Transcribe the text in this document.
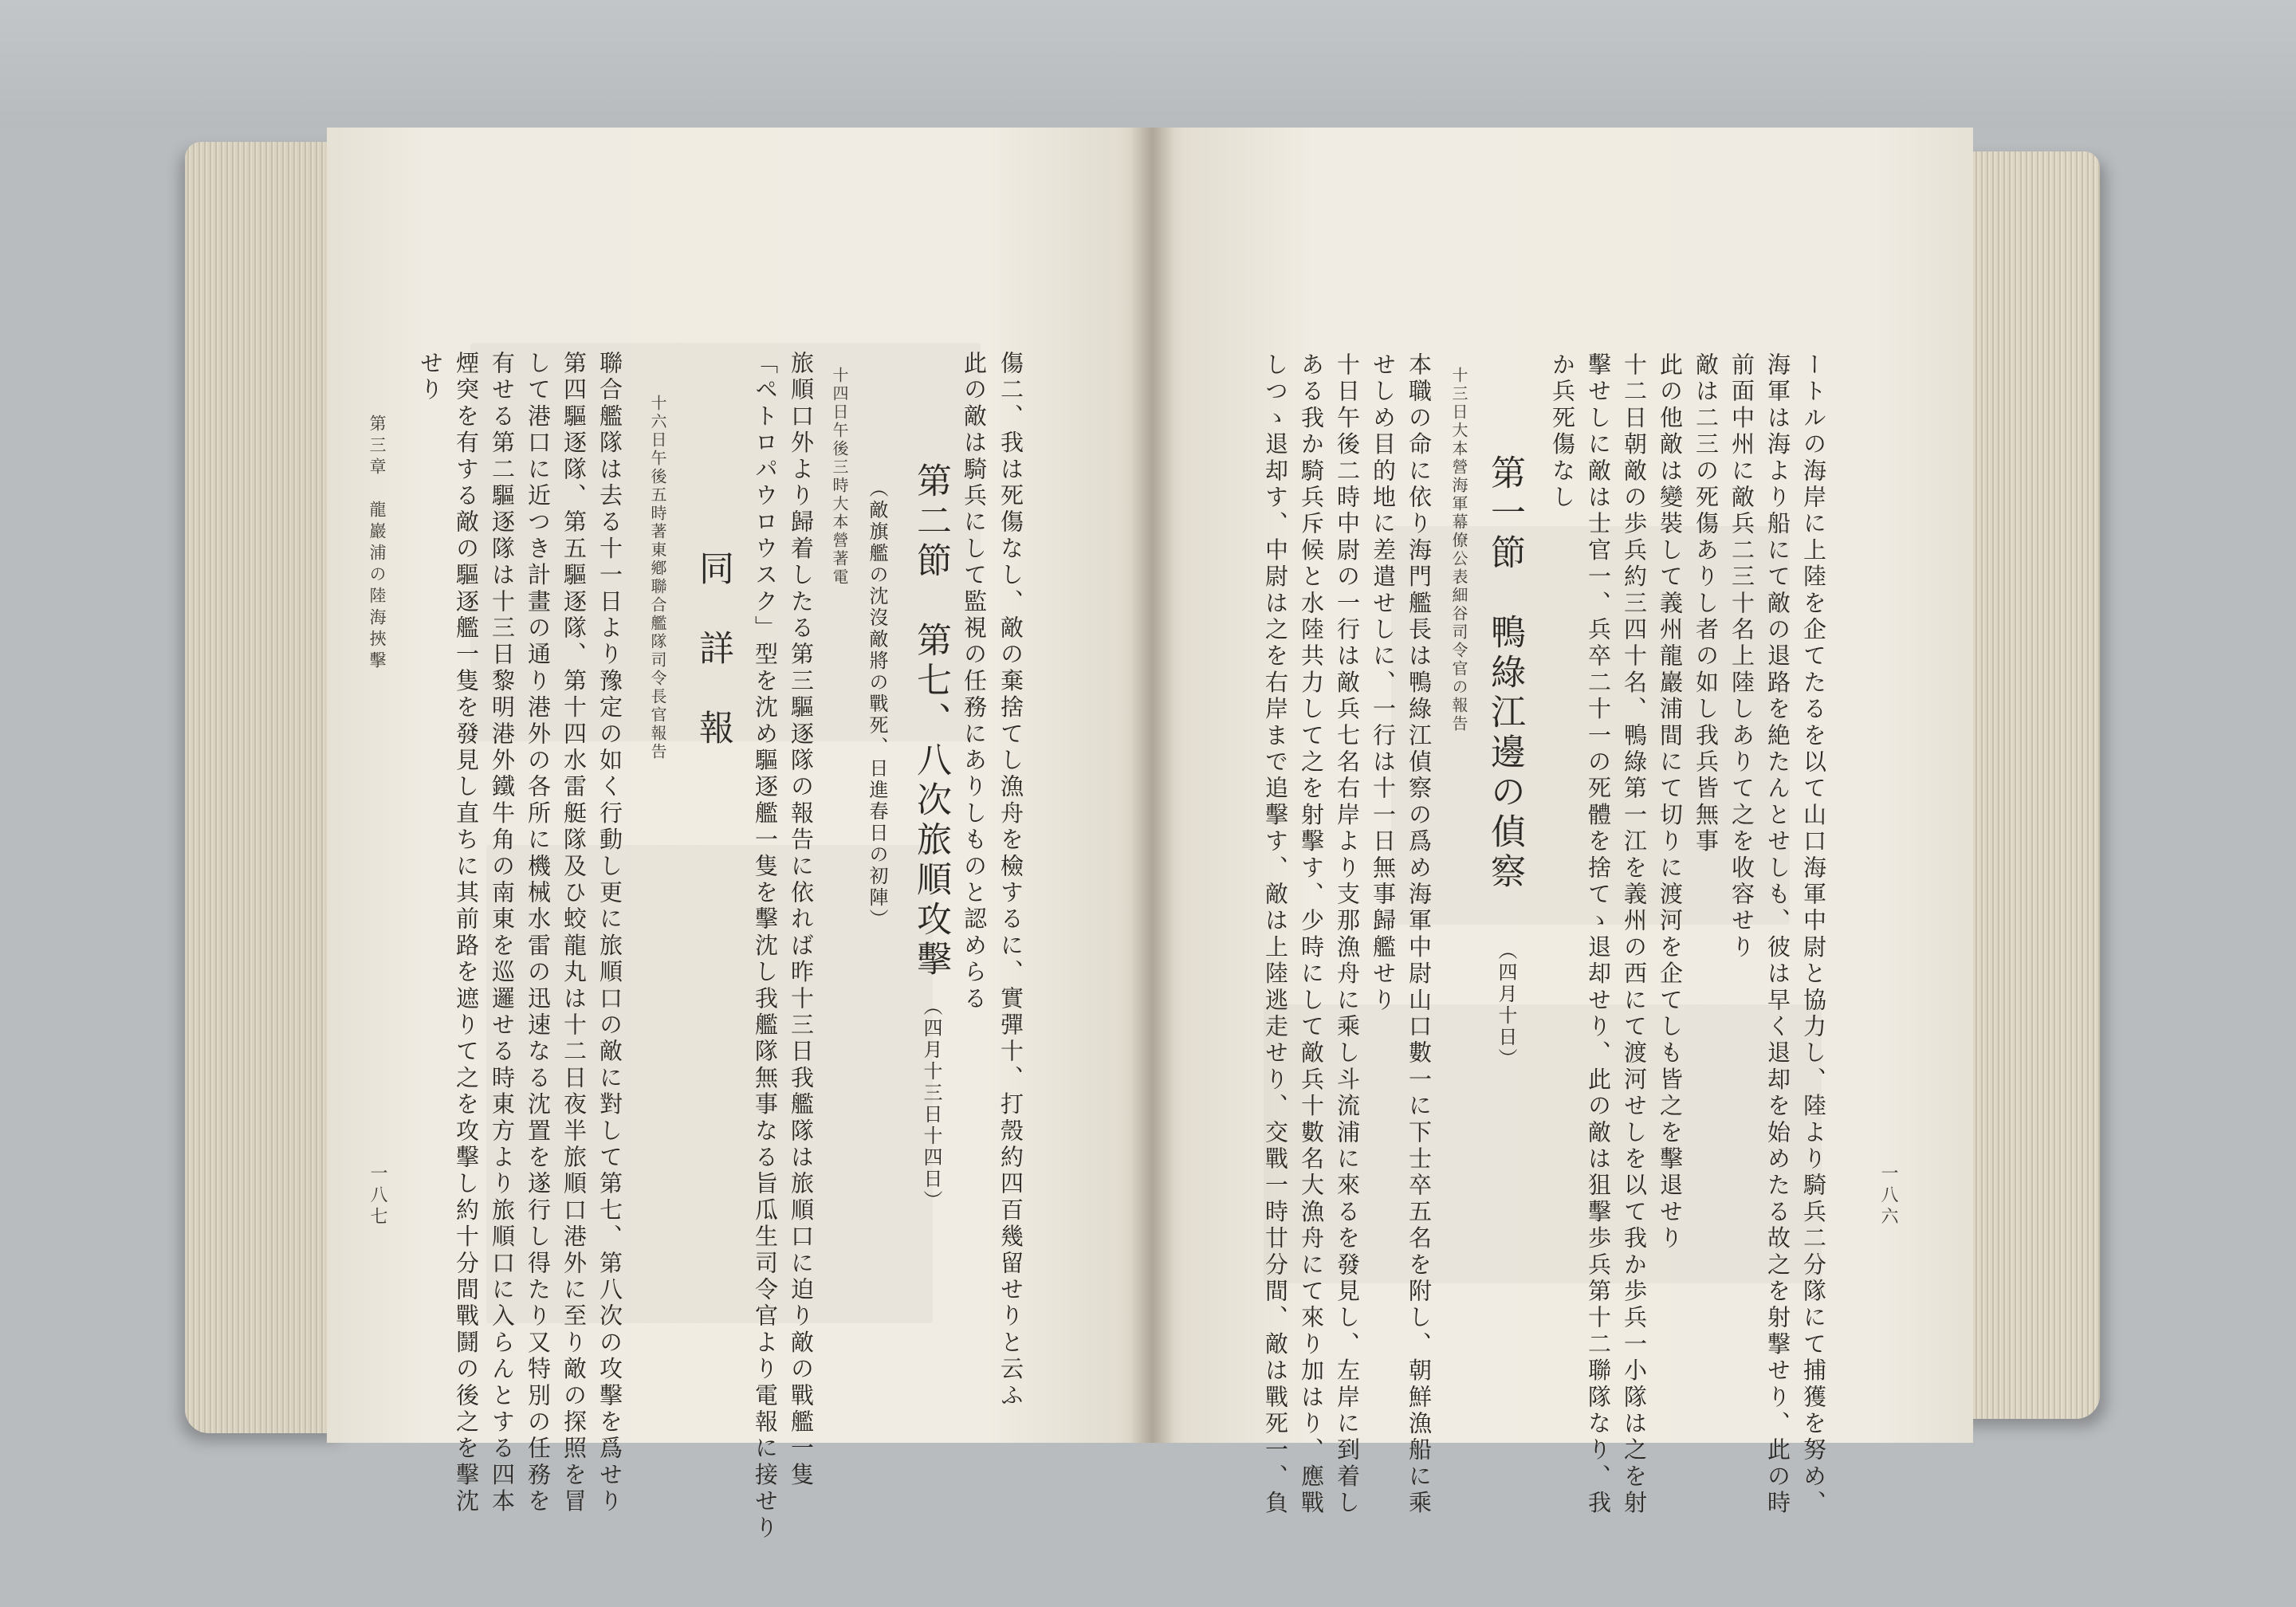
傷二、我は死傷なし、敵の棄捨てし漁舟を檢するに、實彈十、打殼約四百幾留せりと云ふ
此の敵は騎兵にして監視の任務にありしものと認めらる
第二節　第七、八次旅順攻擊
（四月十三日十四日）
（敵旗艦の沈沒敵將の戰死、日進春日の初陣）
十四日午後三時大本營著電
旅順口外より歸着したる第三驅逐隊の報告に依れば昨十三日我艦隊は旅順口に迫り敵の戰艦一隻
「ペトロパウロウスク」型を沈め驅逐艦一隻を擊沈し我艦隊無事なる旨瓜生司令官より電報に接せり
同　詳　報
十六日午後五時著東鄕聯合艦隊司令長官報告
聯合艦隊は去る十一日より豫定の如く行動し更に旅順口の敵に對して第七、第八次の攻擊を爲せり
第四驅逐隊、第五驅逐隊、第十四水雷艇隊及ひ蛟龍丸は十二日夜半旅順口港外に至り敵の探照を冒
して港口に近つき計畫の通り港外の各所に機械水雷の迅速なる沈置を遂行し得たり又特別の任務を
有せる第二驅逐隊は十三日黎明港外鐵牛角の南東を巡邏せる時東方より旅順口に入らんとする四本
煙突を有する敵の驅逐艦一隻を發見し直ちに其前路を遮りて之を攻擊し約十分間戰鬪の後之を擊沈
せり
第三章　龍巖浦の陸海挾擊
一八七	ートルの海岸に上陸を企てたるを以て山口海軍中尉と協力し、陸より騎兵二分隊にて捕獲を努め、
海軍は海より船にて敵の退路を絶たんとせしも、彼は早く退却を始めたる故之を射撃せり、此の時
前面中州に敵兵二三十名上陸しありて之を收容せり
敵は二三の死傷ありし者の如し我兵皆無事
此の他敵は變裝して義州龍巖浦間にて切りに渡河を企てしも皆之を擊退せり
十二日朝敵の歩兵約三四十名、鴨綠第一江を義州の西にて渡河せしを以て我か歩兵一小隊は之を射
擊せしに敵は士官一、兵卒二十一の死體を捨てゝ退却せり、此の敵は狙擊歩兵第十二聯隊なり、我
か兵死傷なし
第一節　鴨綠江邊の偵察
（四月十日）
十三日大本營海軍幕僚公表細谷司令官の報告
本職の命に依り海門艦長は鴨綠江偵察の爲め海軍中尉山口數一に下士卒五名を附し、朝鮮漁船に乘
せしめ目的地に差遣せしに、一行は十一日無事歸艦せり
十日午後二時中尉の一行は敵兵七名右岸より支那漁舟に乘し斗流浦に來るを發見し、左岸に到着し
ある我か騎兵斥候と水陸共力して之を射擊す、少時にして敵兵十數名大漁舟にて來り加はり、應戰
しつゝ退却す、中尉は之を右岸まで追擊す、敵は上陸逃走せり、交戰一時廿分間、敵は戰死一、負	一八六
